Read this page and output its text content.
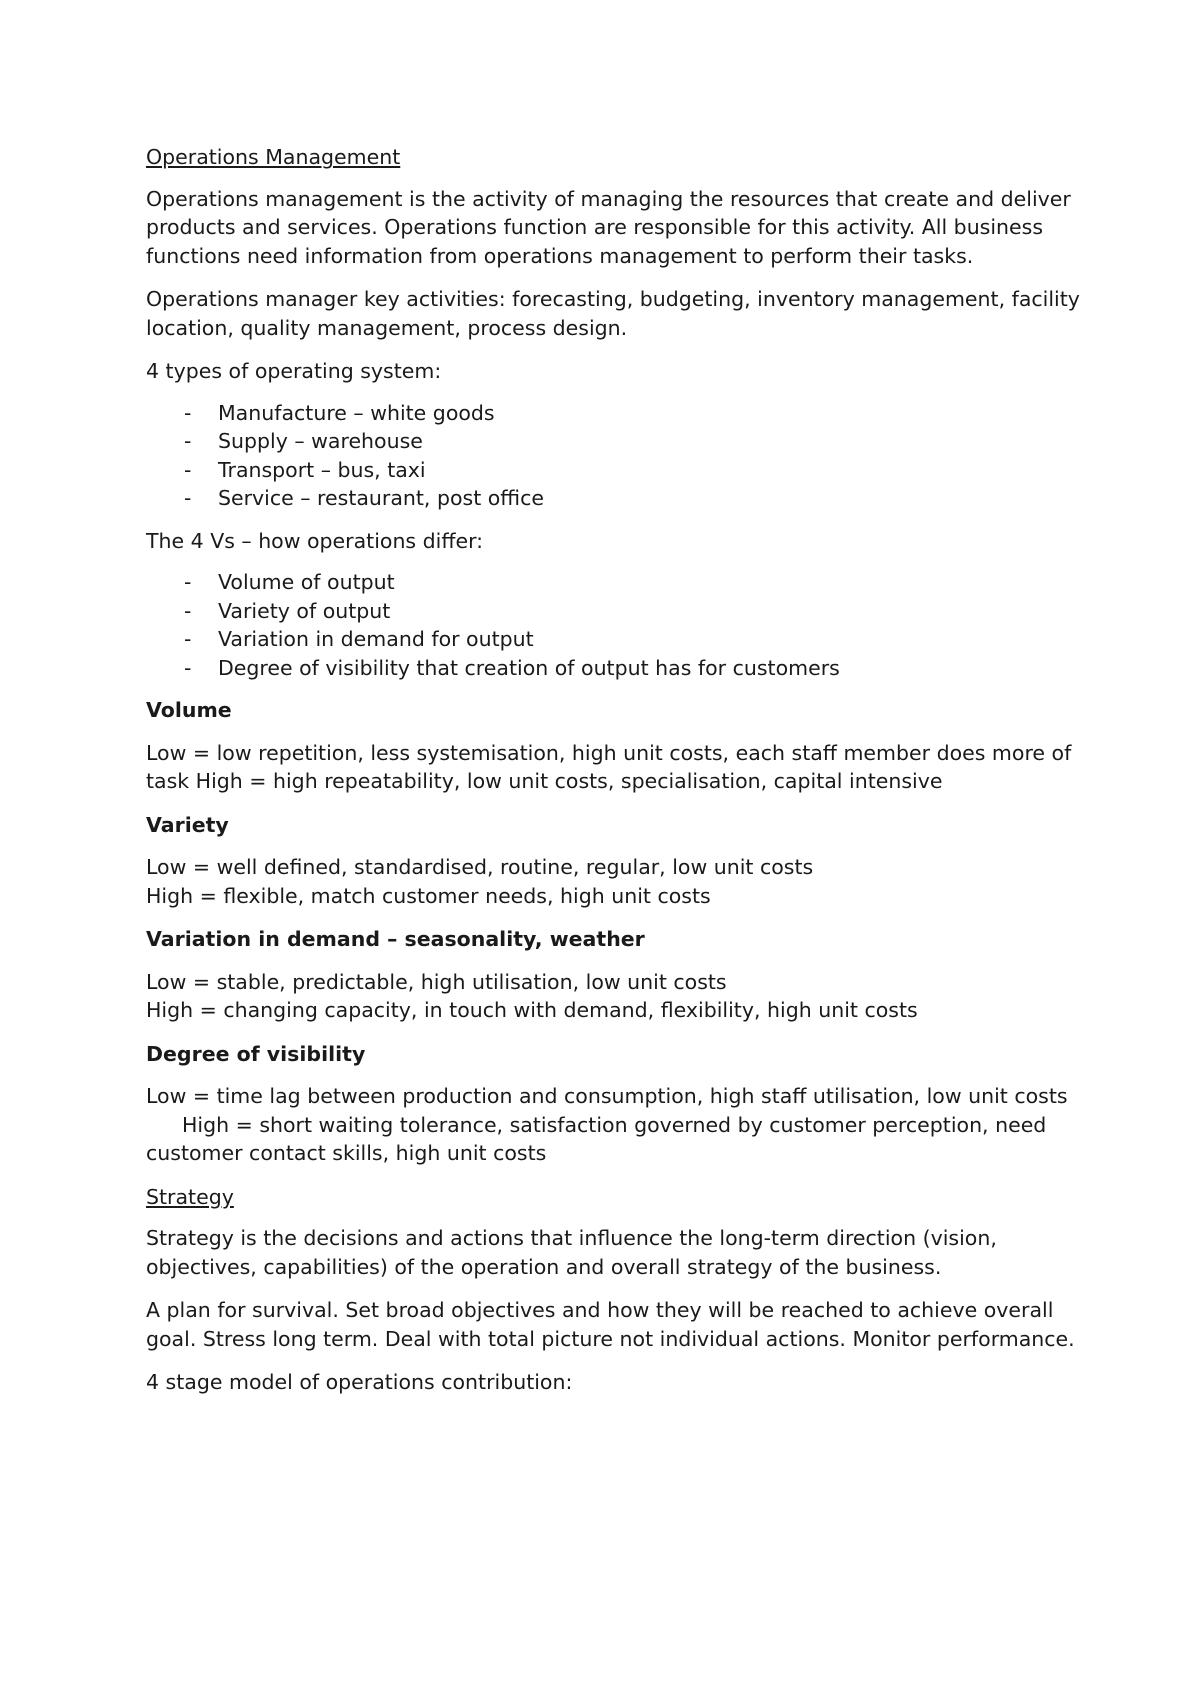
Operations Management

Operations management is the activity of managing the resources that create and deliver products and services. Operations function are responsible for this activity. All business functions need information from operations management to perform their tasks.

Operations manager key activities: forecasting, budgeting, inventory management, facility location, quality management, process design.

4 types of operating system:

- Manufacture – white goods
- Supply – warehouse
- Transport – bus, taxi
- Service – restaurant, post office

The 4 Vs – how operations differ:

- Volume of output
- Variety of output
- Variation in demand for output
- Degree of visibility that creation of output has for customers
Volume

Low = low repetition, less systemisation, high unit costs, each staff member does more of task High = high repeatability, low unit costs, specialisation, capital intensive

Variety

Low = well defined, standardised, routine, regular, low unit costs
High = flexible, match customer needs, high unit costs

Variation in demand – seasonality, weather

Low = stable, predictable, high utilisation, low unit costs
High = changing capacity, in touch with demand, flexibility, high unit costs

Degree of visibility

Low = time lag between production and consumption, high staff utilisation, low unit costsHigh = short waiting tolerance, satisfaction governed by customer perception, need customer contact skills, high unit costs

Strategy

Strategy is the decisions and actions that influence the long-term direction (vision, objectives, capabilities) of the operation and overall strategy of the business.

A plan for survival. Set broad objectives and how they will be reached to achieve overall goal. Stress long term. Deal with total picture not individual actions. Monitor performance.

4 stage model of operations contribution:
